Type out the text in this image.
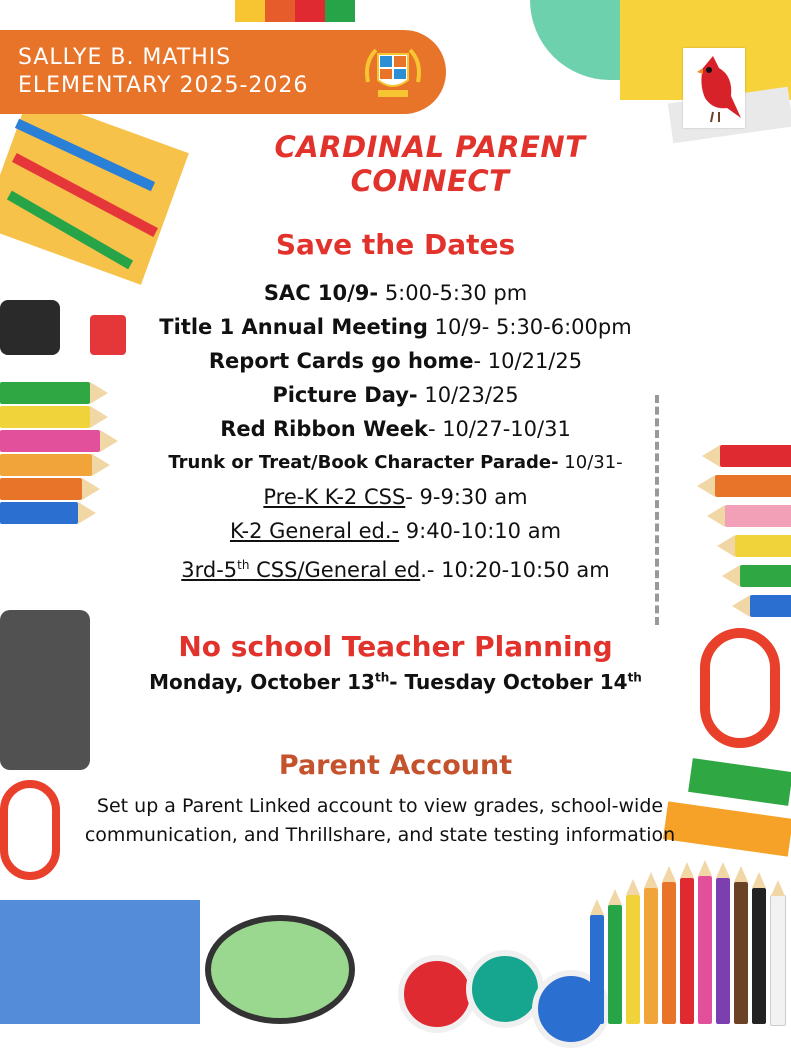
SALLYE B. MATHIS
ELEMENTARY 2025-2026
CARDINAL PARENT CONNECT
Save the Dates
SAC 10/9- 5:00-5:30 pm
Title 1 Annual Meeting 10/9- 5:30-6:00pm
Report Cards go home- 10/21/25
Picture Day- 10/23/25
Red Ribbon Week- 10/27-10/31
Trunk or Treat/Book Character Parade- 10/31-
Pre-K K-2 CSS- 9-9:30 am
K-2 General ed.- 9:40-10:10 am
3rd-5th CSS/General ed.- 10:20-10:50 am
No school Teacher Planning
Monday, October 13th- Tuesday October 14th
Parent Account
Set up a Parent Linked account to view grades, school-wide communication, and Thrillshare, and state testing information
